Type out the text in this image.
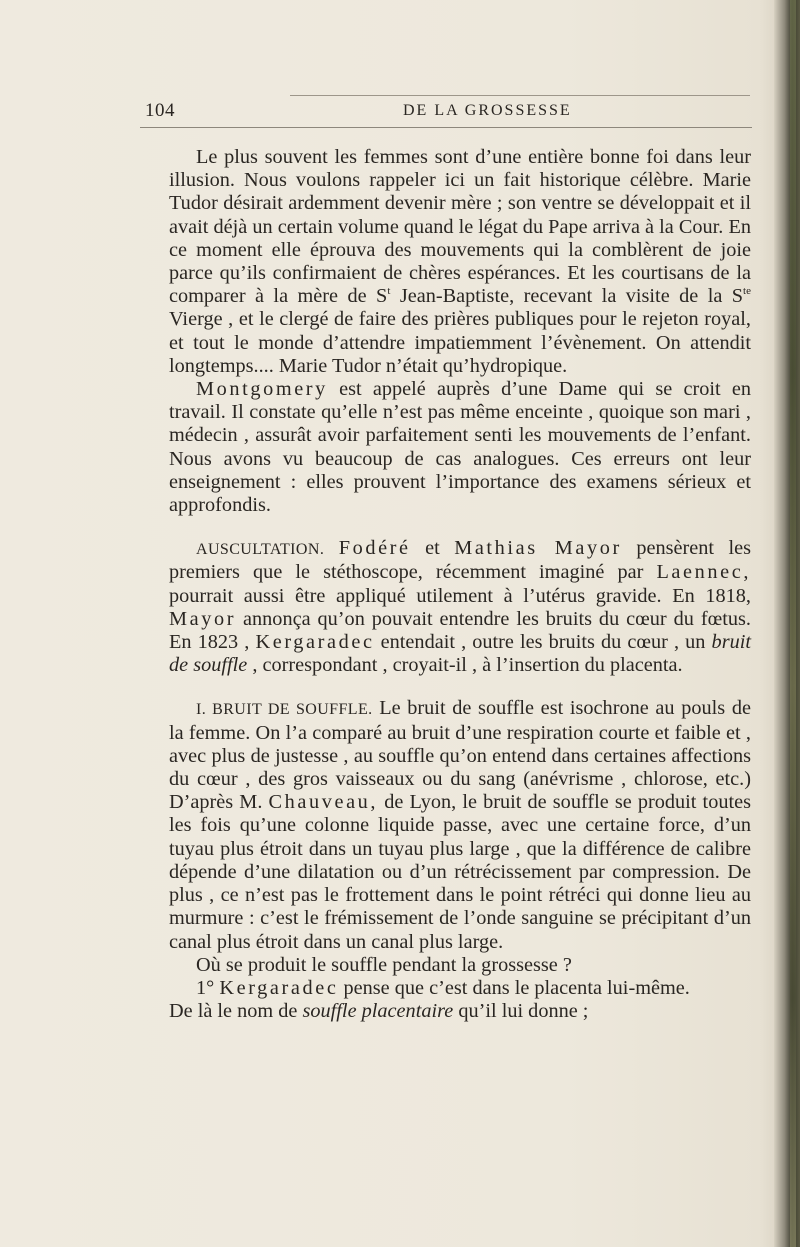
104	DE LA GROSSESSE

Le plus souvent les femmes sont d’une entière bonne foi dans leur illusion. Nous voulons rappeler ici un fait historique célèbre. Marie Tudor désirait ardemment devenir mère ; son ventre se développait et il avait déjà un certain volume quand le légat du Pape arriva à la Cour. En ce moment elle éprouva des mouvements qui la comblèrent de joie parce qu’ils confirmaient de chères espérances. Et les courtisans de la comparer à la mère de $S^t$ Jean-Baptiste, recevant la visite de la $S^{te}$ Vierge , et le clergé de faire des prières publiques pour le rejeton royal, et tout le monde d’attendre impatiemment l’évènement. On attendit longtemps.... Marie Tudor n’était qu’hydropique.

Montgomery est appelé auprès d’une Dame qui se croit en travail. Il constate qu’elle n’est pas même enceinte , quoique son mari , médecin , assurât avoir parfaitement senti les mouvements de l’enfant. Nous avons vu beaucoup de cas analogues. Ces erreurs ont leur enseignement : elles prouvent l’importance des examens sérieux et approfondis.

AUSCULTATION. Fodéré et Mathias Mayor pensèrent les premiers que le stéthoscope, récemment imaginé par Laennec, pourrait aussi être appliqué utilement à l’utérus gravide. En 1818, Mayor annonça qu’on pouvait entendre les bruits du cœur du fœtus. En 1823 , Kergaradec entendait , outre les bruits du cœur , un bruit de souffle , correspondant , croyait-il , à l’insertion du placenta.

I. BRUIT DE SOUFFLE. Le bruit de souffle est isochrone au pouls de la femme. On l’a comparé au bruit d’une respiration courte et faible et , avec plus de justesse , au souffle qu’on entend dans certaines affections du cœur , des gros vaisseaux ou du sang (anévrisme , chlorose, etc.) D’après M. Chauveau, de Lyon, le bruit de souffle se produit toutes les fois qu’une colonne liquide passe, avec une certaine force, d’un tuyau plus étroit dans un tuyau plus large , que la différence de calibre dépende d’une dilatation ou d’un rétrécissement par compression. De plus , ce n’est pas le frottement dans le point rétréci qui donne lieu au murmure : c’est le frémissement de l’onde sanguine se précipitant d’un canal plus étroit dans un canal plus large.

Où se produit le souffle pendant la grossesse ?

1° Kergaradec pense que c’est dans le placenta lui-même.

De là le nom de souffle placentaire qu’il lui donne ;
